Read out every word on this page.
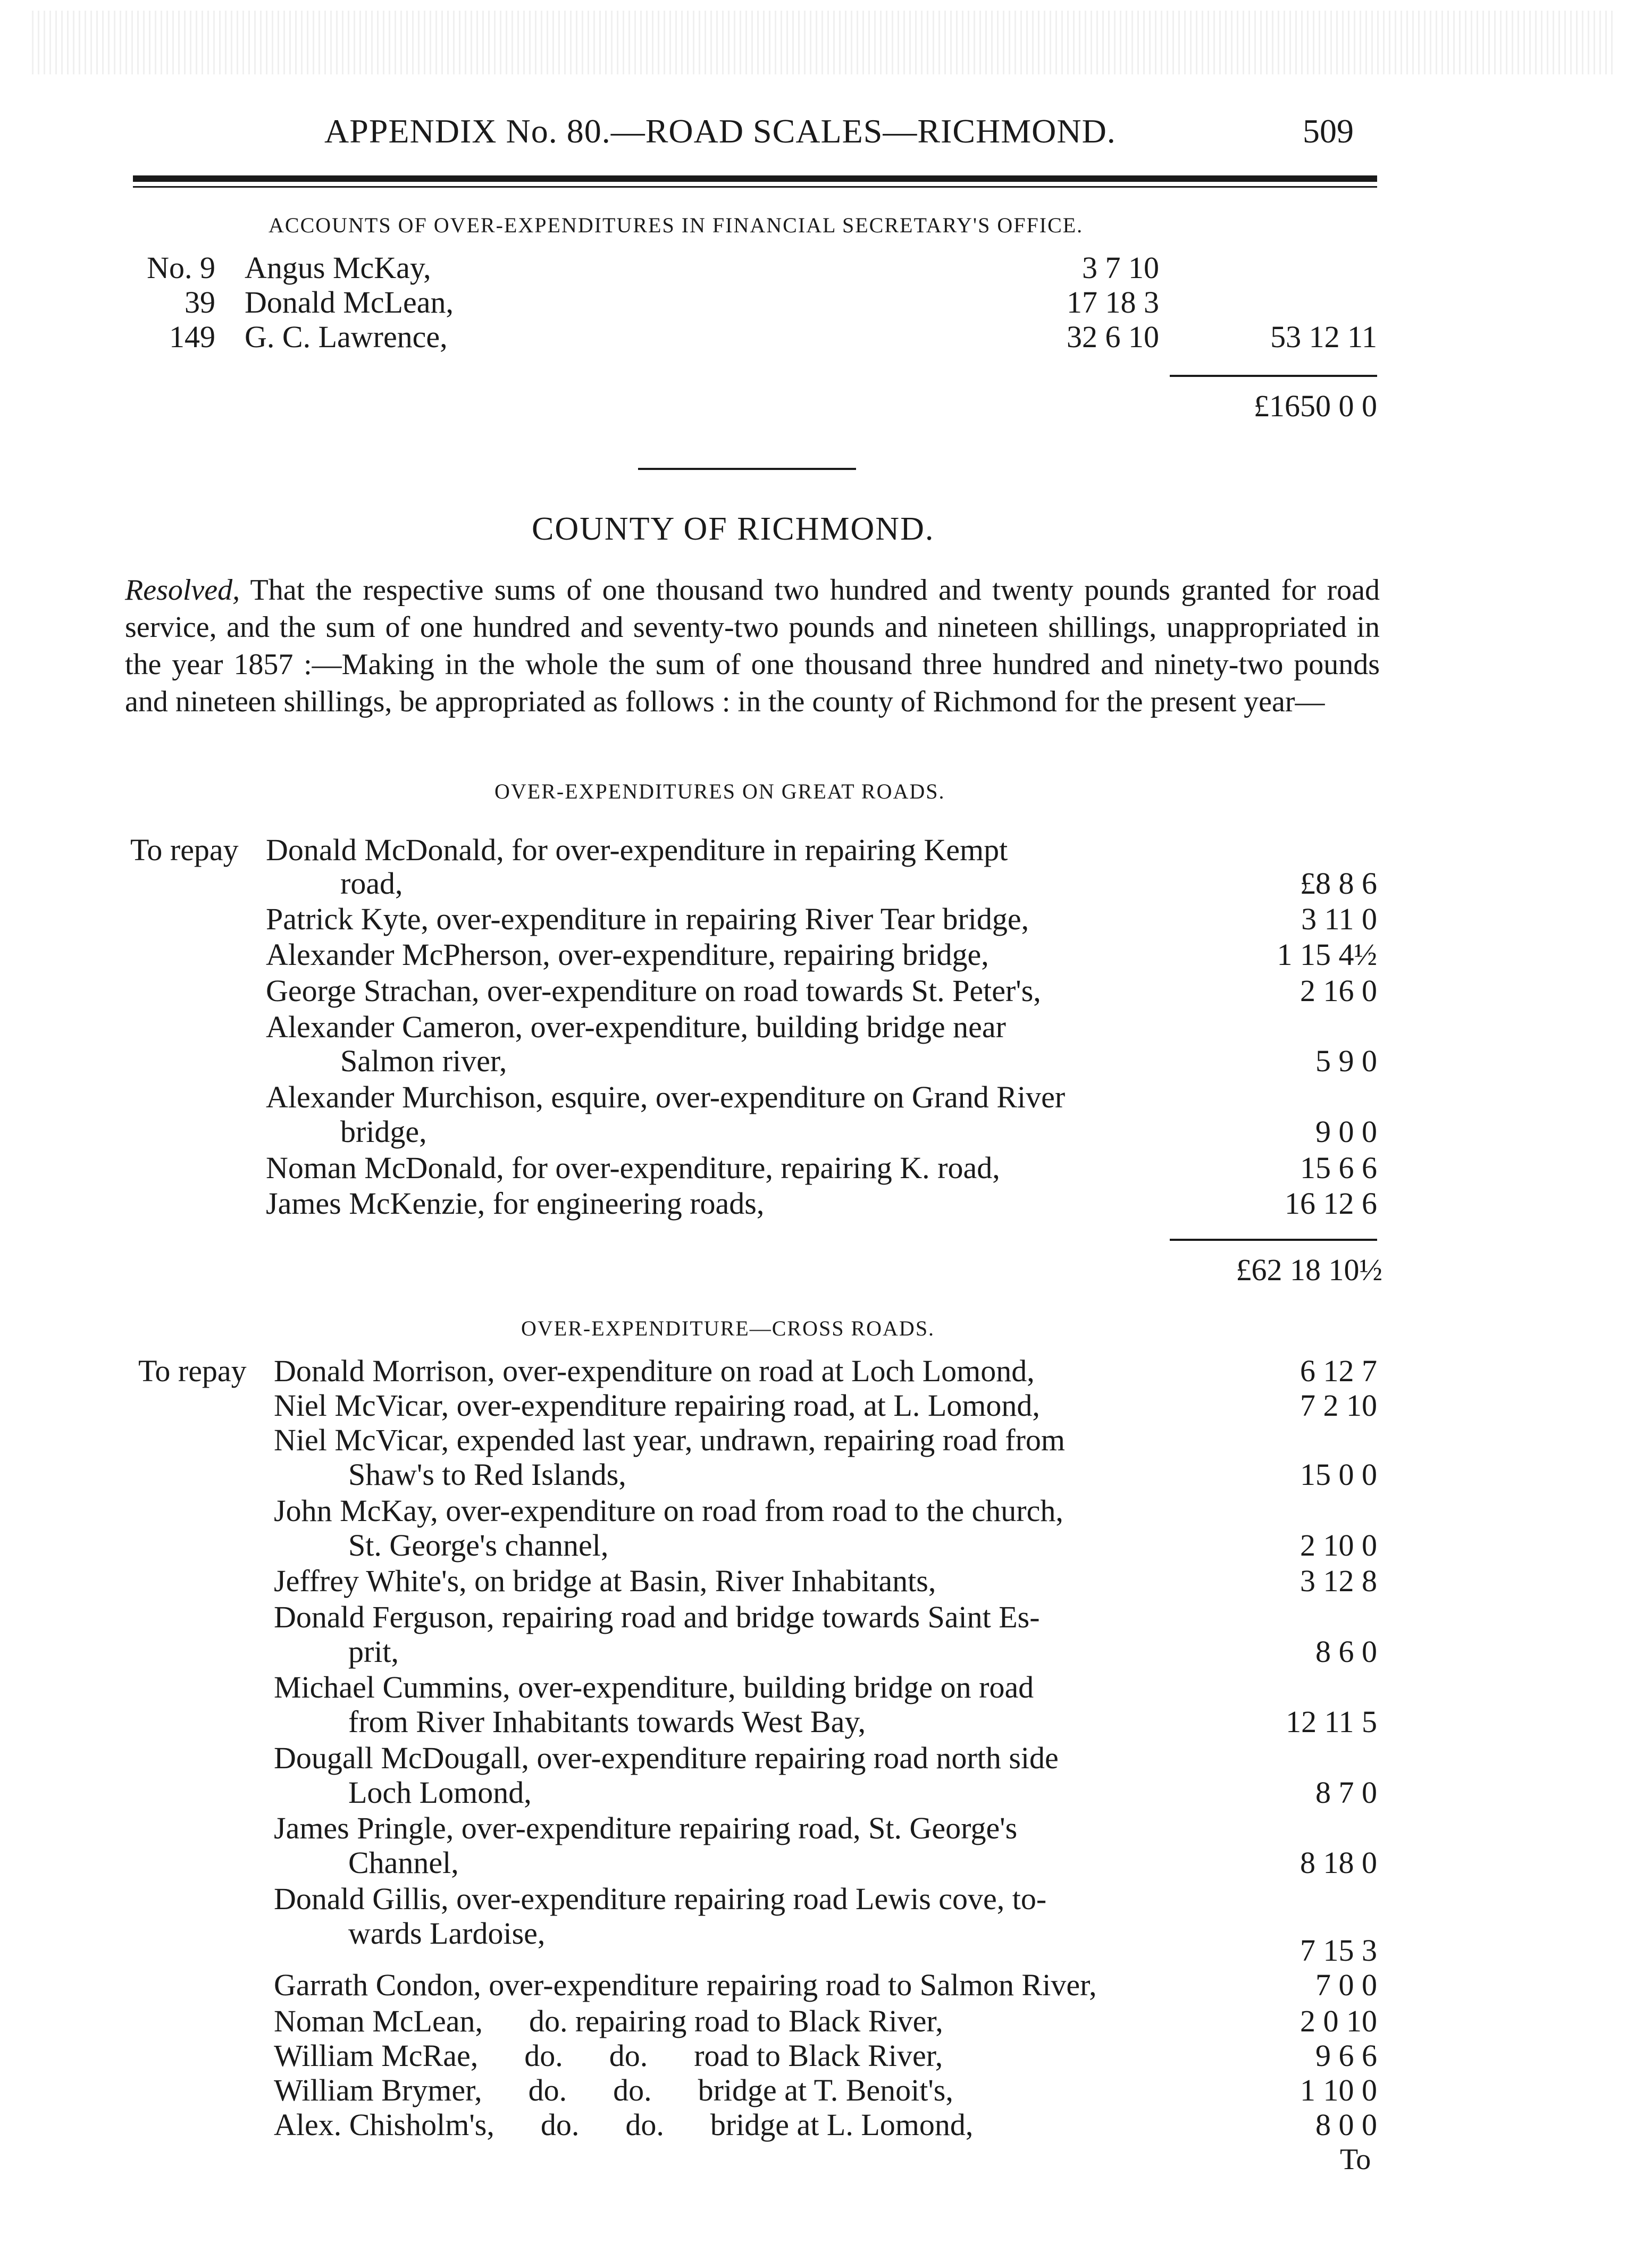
APPENDIX No. 80.—ROAD SCALES—RICHMOND.	509
ACCOUNTS OF OVER-EXPENDITURES IN FINANCIAL SECRETARY'S OFFICE.
No. 9 Angus McKay,	3 7 10
39 Donald McLean,	17 18 3
149 G. C. Lawrence,	32 6 10	53 12 11
£1650 0 0
COUNTY OF RICHMOND.
Resolved, That the respective sums of one thousand two hundred and twenty pounds granted for road service, and the sum of one hundred and seventy-two pounds and nineteen shillings, unappropriated in the year 1857 :—Making in the whole the sum of one thousand three hundred and ninety-two pounds and nineteen shillings, be appropriated as follows : in the county of Richmond for the present year—
OVER-EXPENDITURES ON GREAT ROADS.
To repay Donald McDonald, for over-expenditure in repairing Kempt
road,	£8 8 6
Patrick Kyte, over-expenditure in repairing River Tear bridge,	3 11 0
Alexander McPherson, over-expenditure, repairing bridge,	1 15 4½
George Strachan, over-expenditure on road towards St. Peter's,	2 16 0
Alexander Cameron, over-expenditure, building bridge near
Salmon river,	5 9 0
Alexander Murchison, esquire, over-expenditure on Grand River
bridge,	9 0 0
Noman McDonald, for over-expenditure, repairing K. road,	15 6 6
James McKenzie, for engineering roads,	16 12 6
£62 18 10½
OVER-EXPENDITURE—CROSS ROADS.
To repay Donald Morrison, over-expenditure on road at Loch Lomond,	6 12 7
Niel McVicar, over-expenditure repairing road, at L. Lomond,	7 2 10
Niel McVicar, expended last year, undrawn, repairing road from
Shaw's to Red Islands,	15 0 0
John McKay, over-expenditure on road from road to the church,
St. George's channel,	2 10 0
Jeffrey White's, on bridge at Basin, River Inhabitants,	3 12 8
Donald Ferguson, repairing road and bridge towards Saint Es-
prit,	8 6 0
Michael Cummins, over-expenditure, building bridge on road
from River Inhabitants towards West Bay,	12 11 5
Dougall McDougall, over-expenditure repairing road north side
Loch Lomond,	8 7 0
James Pringle, over-expenditure repairing road, St. George's
Channel,	8 18 0
Donald Gillis, over-expenditure repairing road Lewis cove, to-
wards Lardoise,	7 15 3
Garrath Condon, over-expenditure repairing road to Salmon River,	7 0 0
Noman McLean,      do. repairing road to Black River,	2 0 10
William McRae,      do.      do.      road to Black River,	9 6 6
William Brymer,      do.      do.      bridge at T. Benoit's,	1 10 0
Alex. Chisholm's,      do.      do.      bridge at L. Lomond,	8 0 0
To
